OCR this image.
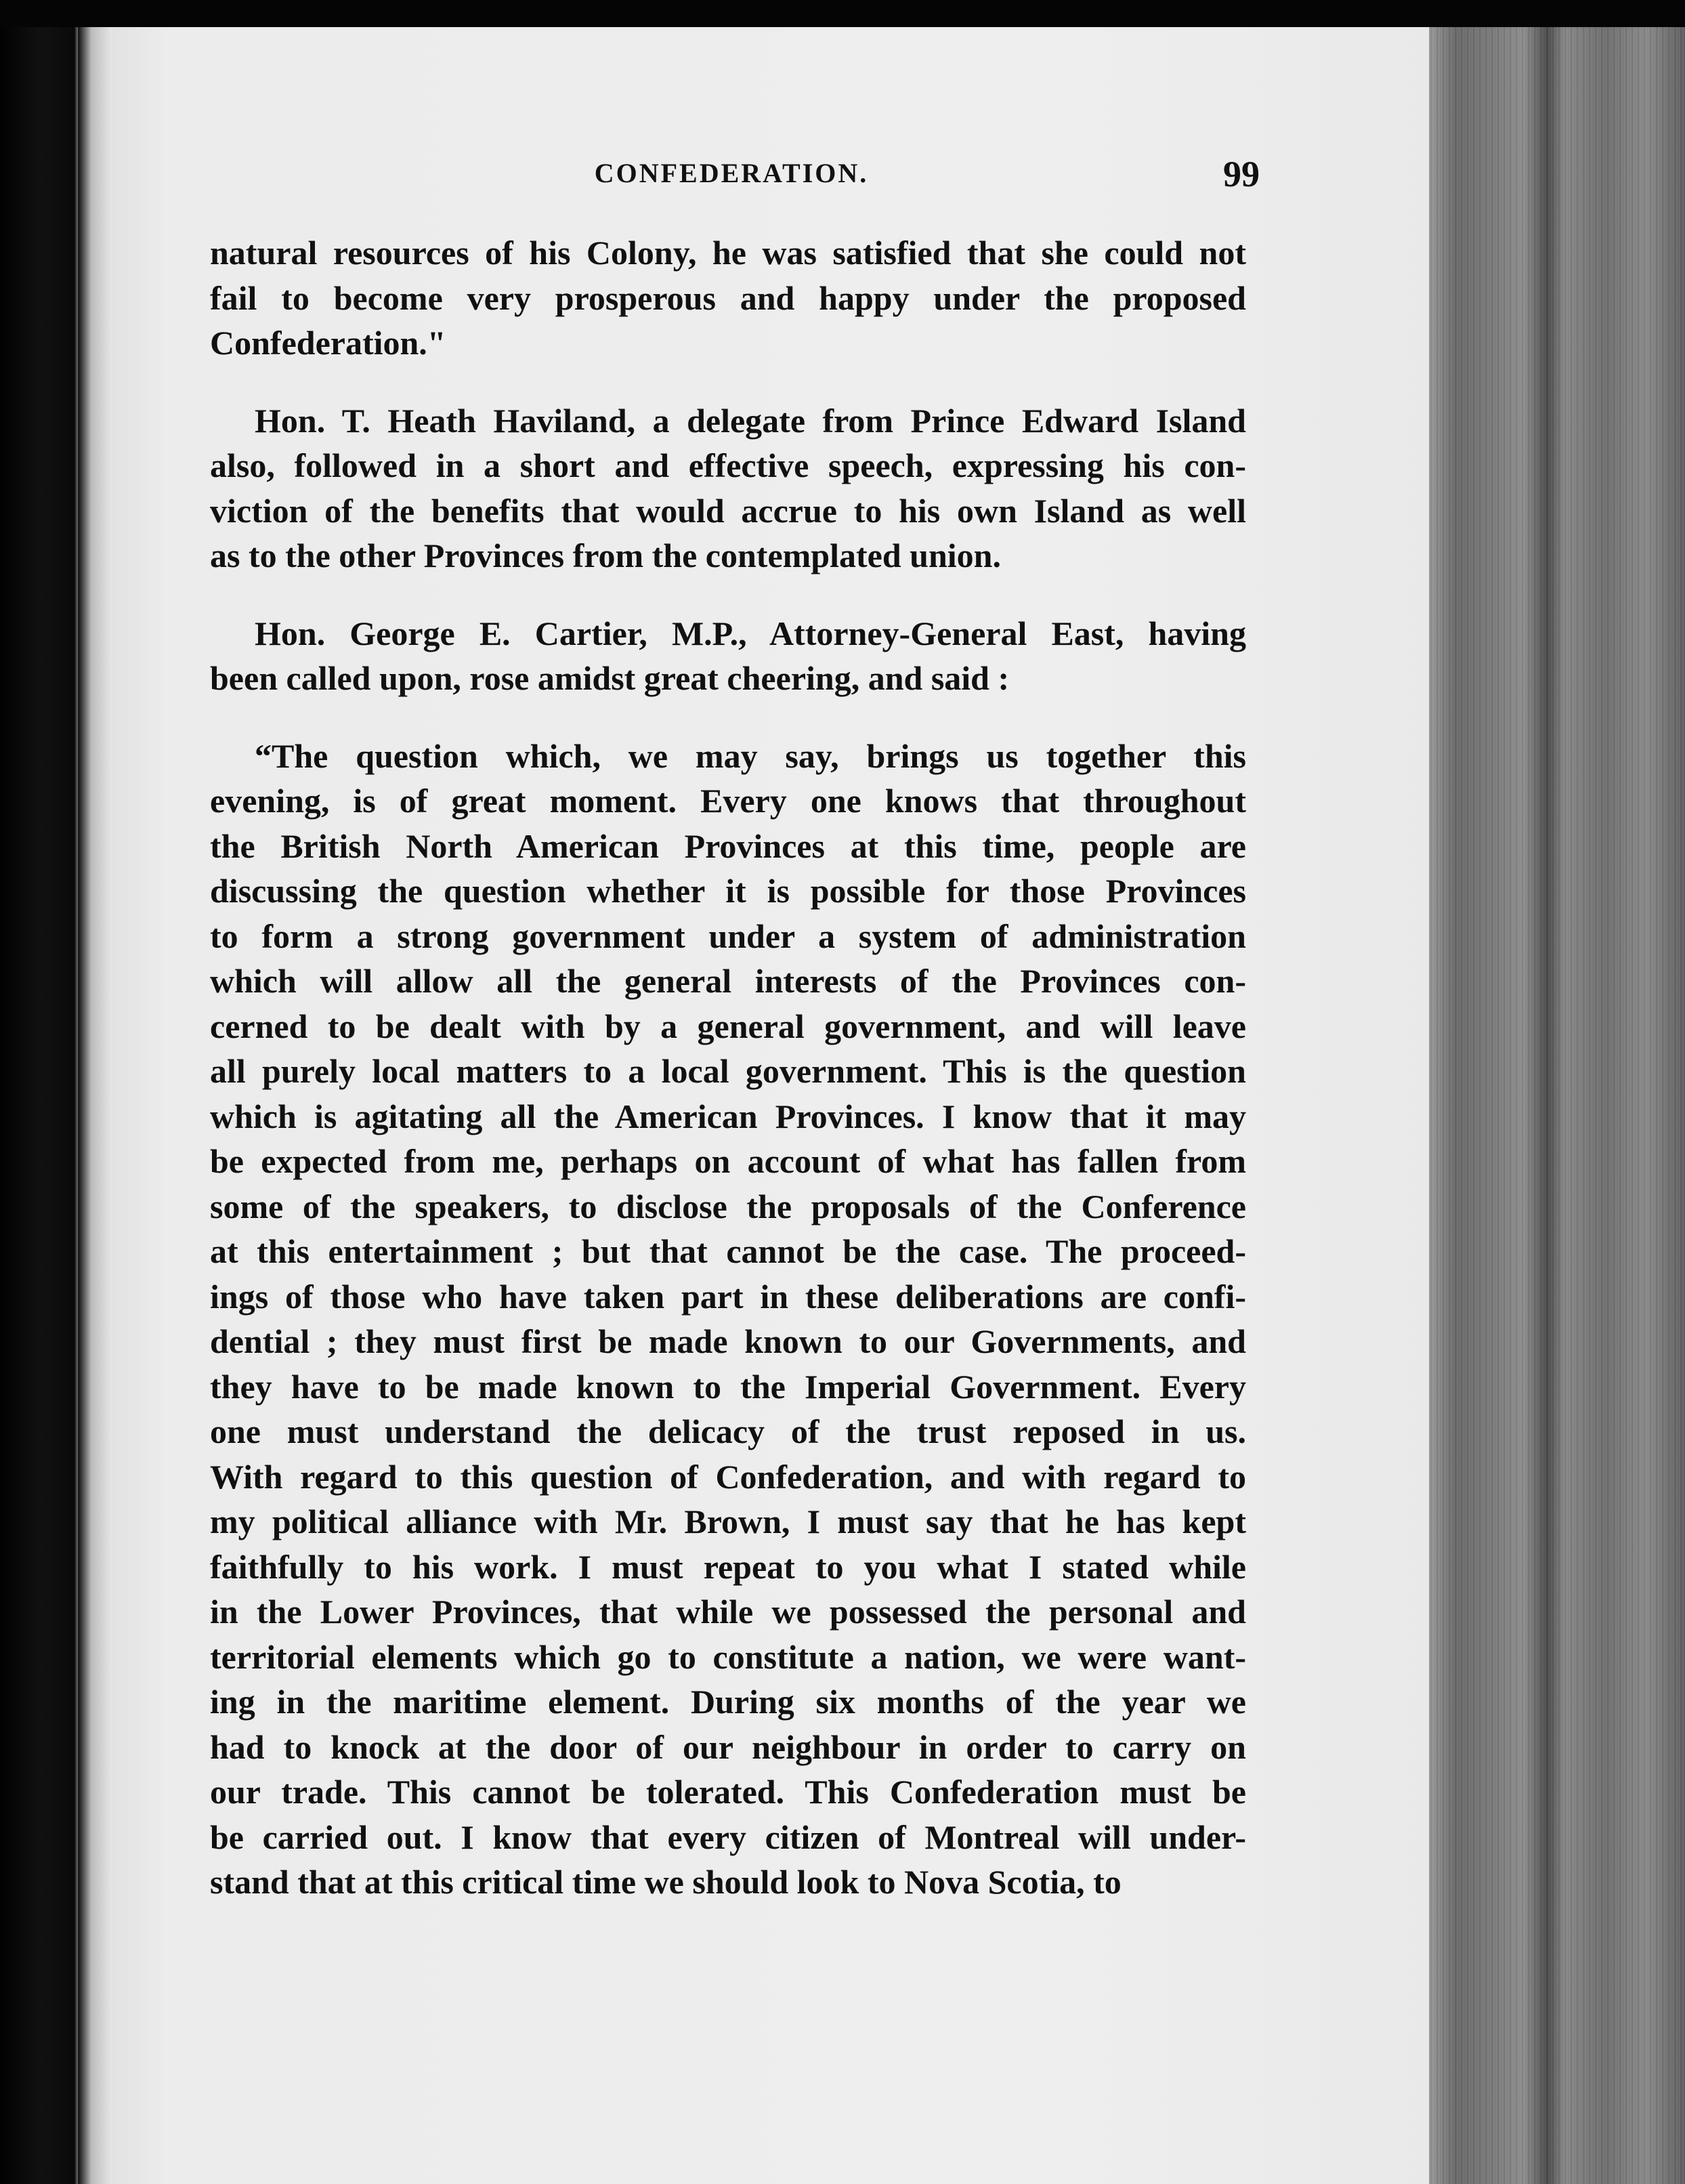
CONFEDERATION.	99
natural resources of his Colony, he was satisfied that she could not
fail to become very prosperous and happy under the proposed
Confederation."
Hon. T. Heath Haviland, a delegate from Prince Edward Island
also, followed in a short and effective speech, expressing his con-
viction of the benefits that would accrue to his own Island as well
as to the other Provinces from the contemplated union.
Hon. George E. Cartier, M.P., Attorney-General East, having
been called upon, rose amidst great cheering, and said :
“The question which, we may say, brings us together this
evening, is of great moment. Every one knows that throughout
the British North American Provinces at this time, people are
discussing the question whether it is possible for those Provinces
to form a strong government under a system of administration
which will allow all the general interests of the Provinces con-
cerned to be dealt with by a general government, and will leave
all purely local matters to a local government. This is the question
which is agitating all the American Provinces. I know that it may
be expected from me, perhaps on account of what has fallen from
some of the speakers, to disclose the proposals of the Conference
at this entertainment ; but that cannot be the case. The proceed-
ings of those who have taken part in these deliberations are confi-
dential ; they must first be made known to our Governments, and
they have to be made known to the Imperial Government. Every
one must understand the delicacy of the trust reposed in us.
With regard to this question of Confederation, and with regard to
my political alliance with Mr. Brown, I must say that he has kept
faithfully to his work. I must repeat to you what I stated while
in the Lower Provinces, that while we possessed the personal and
territorial elements which go to constitute a nation, we were want-
ing in the maritime element. During six months of the year we
had to knock at the door of our neighbour in order to carry on
our trade. This cannot be tolerated. This Confederation must be
be carried out. I know that every citizen of Montreal will under-
stand that at this critical time we should look to Nova Scotia, to
